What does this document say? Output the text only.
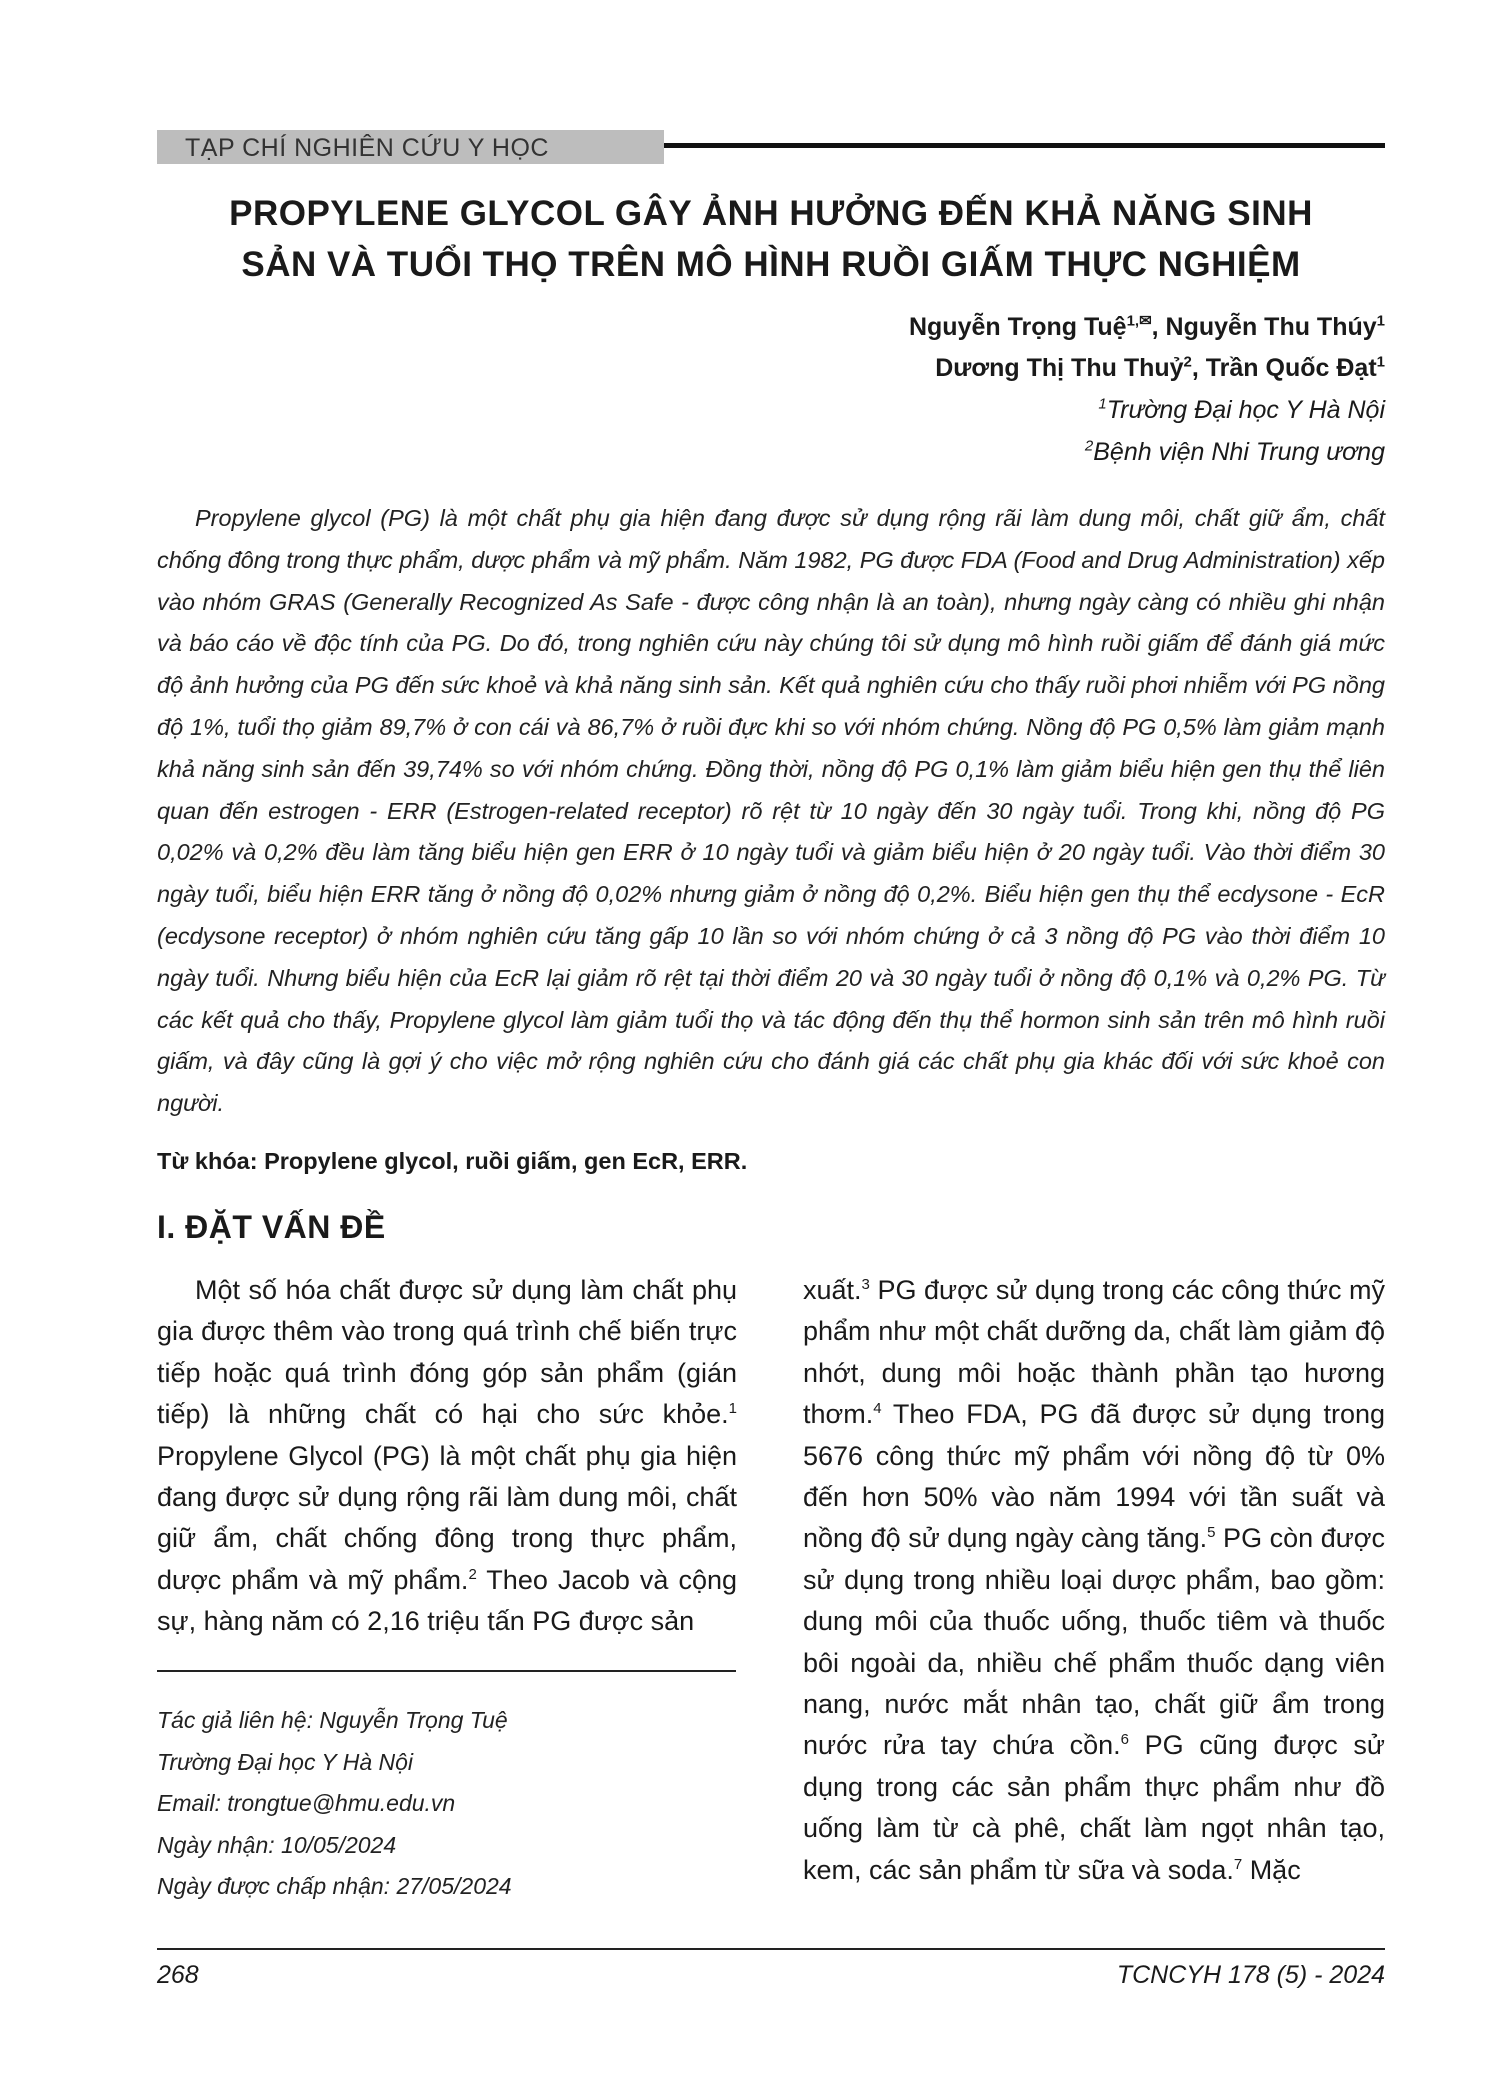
TẠP CHÍ NGHIÊN CỨU Y HỌC
PROPYLENE GLYCOL GÂY ẢNH HƯỞNG ĐẾN KHẢ NĂNG SINH
SẢN VÀ TUỔI THỌ TRÊN MÔ HÌNH RUỒI GIẤM THỰC NGHIỆM
Nguyễn Trọng Tuệ$^{1,✉}$, Nguyễn Thu Thúy$^1$
Dương Thị Thu Thuỷ$^2$, Trần Quốc Đạt$^1$
$^1$Trường Đại học Y Hà Nội
$^2$Bệnh viện Nhi Trung ương
Propylene glycol (PG) là một chất phụ gia hiện đang được sử dụng rộng rãi làm dung môi, chất giữ ẩm, chất chống đông trong thực phẩm, dược phẩm và mỹ phẩm. Năm 1982, PG được FDA (Food and Drug Administration) xếp vào nhóm GRAS (Generally Recognized As Safe - được công nhận là an toàn), nhưng ngày càng có nhiều ghi nhận và báo cáo về độc tính của PG. Do đó, trong nghiên cứu này chúng tôi sử dụng mô hình ruồi giấm để đánh giá mức độ ảnh hưởng của PG đến sức khoẻ và khả năng sinh sản. Kết quả nghiên cứu cho thấy ruồi phơi nhiễm với PG nồng độ 1%, tuổi thọ giảm 89,7% ở con cái và 86,7% ở ruồi đực khi so với nhóm chứng. Nồng độ PG 0,5% làm giảm mạnh khả năng sinh sản đến 39,74% so với nhóm chứng. Đồng thời, nồng độ PG 0,1% làm giảm biểu hiện gen thụ thể liên quan đến estrogen - ERR (Estrogen-related receptor) rõ rệt từ 10 ngày đến 30 ngày tuổi. Trong khi, nồng độ PG 0,02% và 0,2% đều làm tăng biểu hiện gen ERR ở 10 ngày tuổi và giảm biểu hiện ở 20 ngày tuổi. Vào thời điểm 30 ngày tuổi, biểu hiện ERR tăng ở nồng độ 0,02% nhưng giảm ở nồng độ 0,2%. Biểu hiện gen thụ thể ecdysone - EcR (ecdysone receptor) ở nhóm nghiên cứu tăng gấp 10 lần so với nhóm chứng ở cả 3 nồng độ PG vào thời điểm 10 ngày tuổi. Nhưng biểu hiện của EcR lại giảm rõ rệt tại thời điểm 20 và 30 ngày tuổi ở nồng độ 0,1% và 0,2% PG. Từ các kết quả cho thấy, Propylene glycol làm giảm tuổi thọ và tác động đến thụ thể hormon sinh sản trên mô hình ruồi giấm, và đây cũng là gợi ý cho việc mở rộng nghiên cứu cho đánh giá các chất phụ gia khác đối với sức khoẻ con người.
Từ khóa: Propylene glycol, ruồi giấm, gen EcR, ERR.
I. ĐẶT VẤN ĐỀ
Một số hóa chất được sử dụng làm chất phụ gia được thêm vào trong quá trình chế biến trực tiếp hoặc quá trình đóng góp sản phẩm (gián tiếp) là những chất có hại cho sức khỏe.$^1$ Propylene Glycol (PG) là một chất phụ gia hiện đang được sử dụng rộng rãi làm dung môi, chất giữ ẩm, chất chống đông trong thực phẩm, dược phẩm và mỹ phẩm.$^2$ Theo Jacob và cộng sự, hàng năm có 2,16 triệu tấn PG được sản
Tác giả liên hệ: Nguyễn Trọng Tuệ
Trường Đại học Y Hà Nội
Email: trongtue@hmu.edu.vn
Ngày nhận: 10/05/2024
Ngày được chấp nhận: 27/05/2024
xuất.$^3$ PG được sử dụng trong các công thức mỹ phẩm như một chất dưỡng da, chất làm giảm độ nhớt, dung môi hoặc thành phần tạo hương thơm.$^4$ Theo FDA, PG đã được sử dụng trong 5676 công thức mỹ phẩm với nồng độ từ 0% đến hơn 50% vào năm 1994 với tần suất và nồng độ sử dụng ngày càng tăng.$^5$ PG còn được sử dụng trong nhiều loại dược phẩm, bao gồm: dung môi của thuốc uống, thuốc tiêm và thuốc bôi ngoài da, nhiều chế phẩm thuốc dạng viên nang, nước mắt nhân tạo, chất giữ ẩm trong nước rửa tay chứa cồn.$^6$ PG cũng được sử dụng trong các sản phẩm thực phẩm như đồ uống làm từ cà phê, chất làm ngọt nhân tạo, kem, các sản phẩm từ sữa và soda.$^7$ Mặc
268	TCNCYH 178 (5) - 2024
